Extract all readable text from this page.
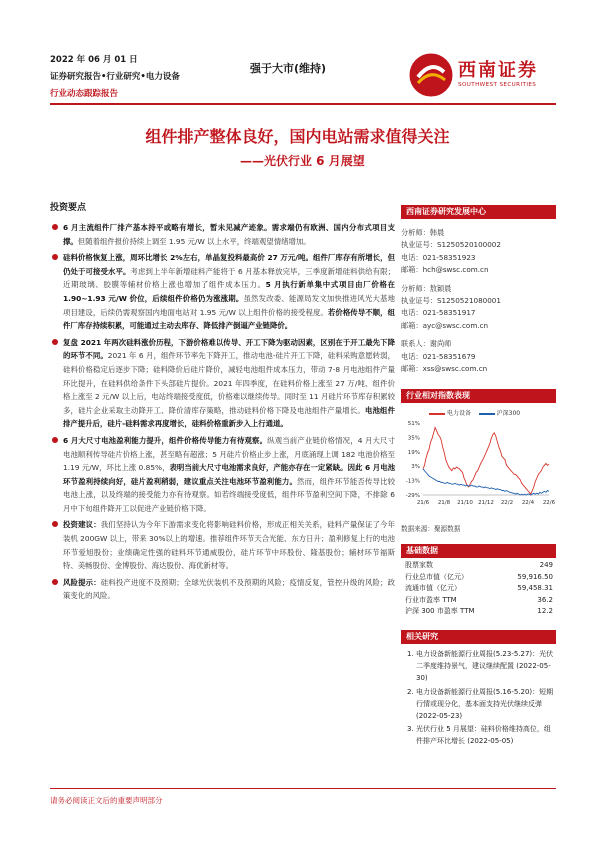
2022 年 06 月 01 日
证券研究报告•行业研究•电力设备
行业动态跟踪报告
强于大市(维持)	西南证券
SOUTHWEST SECURITIES
组件排产整体良好，国内电站需求值得关注
——光伏行业 6 月展望
投资要点
6 月主流组件厂排产基本持平或略有增长，暂未见减产迹象。需求端仍有欧洲、国内分布式项目支撑。但随着组件报价持续上调至 1.95 元/W 以上水平，终端观望情绪增加。
硅料价格恢复上涨，周环比增长 2%左右，单晶复投料最高价 27 万元/吨。组件厂库存有所增长，但仍处于可接受水平。考虑到上半年新增硅料产能将于 6 月基本释放完毕，三季度新增硅料供给有限；近期玻璃、胶膜等辅材价格上涨也增加了组件成本压力。5 月执行新单集中式项目由厂价格在 1.90~1.93 元/W 价位，后续组件价格仍为涨涨期。虽然发改委、能源局发文加快推进风光大基地项目建设，后续仍需观察国内地面电站对 1.95 元/W 以上组件价格的接受程度。若价格传导不顺，组件厂库存持续积累，可能通过主动去库存、降低排产倒逼产业链降价。
复盘 2021 年两次硅料涨价历程，下游价格难以传导、开工下降为驱动因素，区别在于开工最先下降的环节不同。2021 年 6 月，组件环节率先下降开工，推动电池-硅片开工下降，硅料采购意愿转弱，硅料价格稳定后逐步下降；硅料降价后硅片降价，减轻电池组件成本压力，带动 7-8 月电池组件产量环比提升，在硅料供给条件下头部硅片提价。2021 年四季度，在硅料价格上涨至 27 万/吨、组件价格上涨至 2 元/W 以上后，电站终端接受度低，价格难以继续传导。同时至 11 月硅片环节库存积累较多，硅片企业采取主动降开工、降价清库存策略，推动硅料价格下降及电池组件产量增长。电池组件排产提升后，硅片-硅料需求再度增长，硅料价格重新步入上行通道。
6 月大尺寸电池盈利能力提升，组件价格传导能力有待观察。纵观当前产业链价格情况，4 月大尺寸电池顺利传导硅片价格上涨，甚至略有超涨；5 月硅片价格止步上涨，月底涌现上调 182 电池价格至 1.19 元/W，环比上涨 0.85%，表明当前大尺寸电池需求良好，产能亦存在一定紧缺。因此 6 月电池环节盈利持续向好，硅片盈利稍弱，建议重点关注电池环节盈利能力。然而，组件环节能否传导比较电池上涨，以及终端的接受能力亦有待观察。如若终端接受度低，组件环节盈利空间下降，不排除 6 月中下旬组件降开工以促进产业链价格下降。
投资建议：我们坚持认为今年下游需求变化将影响硅料价格，形成正相关关系，硅料产量保证了今年装机 200GW 以上，带来 30%以上的增速。推荐组件环节天合光能、东方日升；盈利修复上行的电池环节爱旭股份；业绩确定性强的硅料环节通威股份，硅片环节中环股份、隆基股份；辅材环节福斯特、美畅股份、金博股份、海达股份、海优新材等。
风险提示：硅料投产进度不及预期；全球光伏装机不及预期的风险；疫情反复，管控升级的风险；政策变化的风险。
西南证券研究发展中心
分析师：韩晨
执业证号：S1250520100002
电话：021-58351923
邮箱：hch@swsc.com.cn
分析师：敖颖晨
执业证号：S1250521080001
电话：021-58351917
邮箱：ayc@swsc.com.cn
联系人：谢尚师
电话：021-58351679
邮箱：xss@swsc.com.cn
行业相对指数表现
电力设备	沪深300
51%
35%
19%
3%
-13%
-29%
21/6 21/8 21/10 21/12 22/2 22/4 22/6
数据来源：聚源数据
基础数据
股票家数	249
行业总市值（亿元）	59,916.50
流通市值（亿元）	59,458.31
行业市盈率 TTM	36.2
沪深 300 市盈率 TTM	12.2
相关研究
1. 电力设备新能源行业周报(5.23-5.27)：光伏二季度维持景气，建议继续配置 (2022-05-30)
2. 电力设备新能源行业周报(5.16-5.20)：短期行情或现分化，基本面支持光伏继续反弹 (2022-05-23)
3. 光伏行业 5 月展望：硅料价格维持高位，组件排产环比增长 (2022-05-05)
请务必阅读正文后的重要声明部分
